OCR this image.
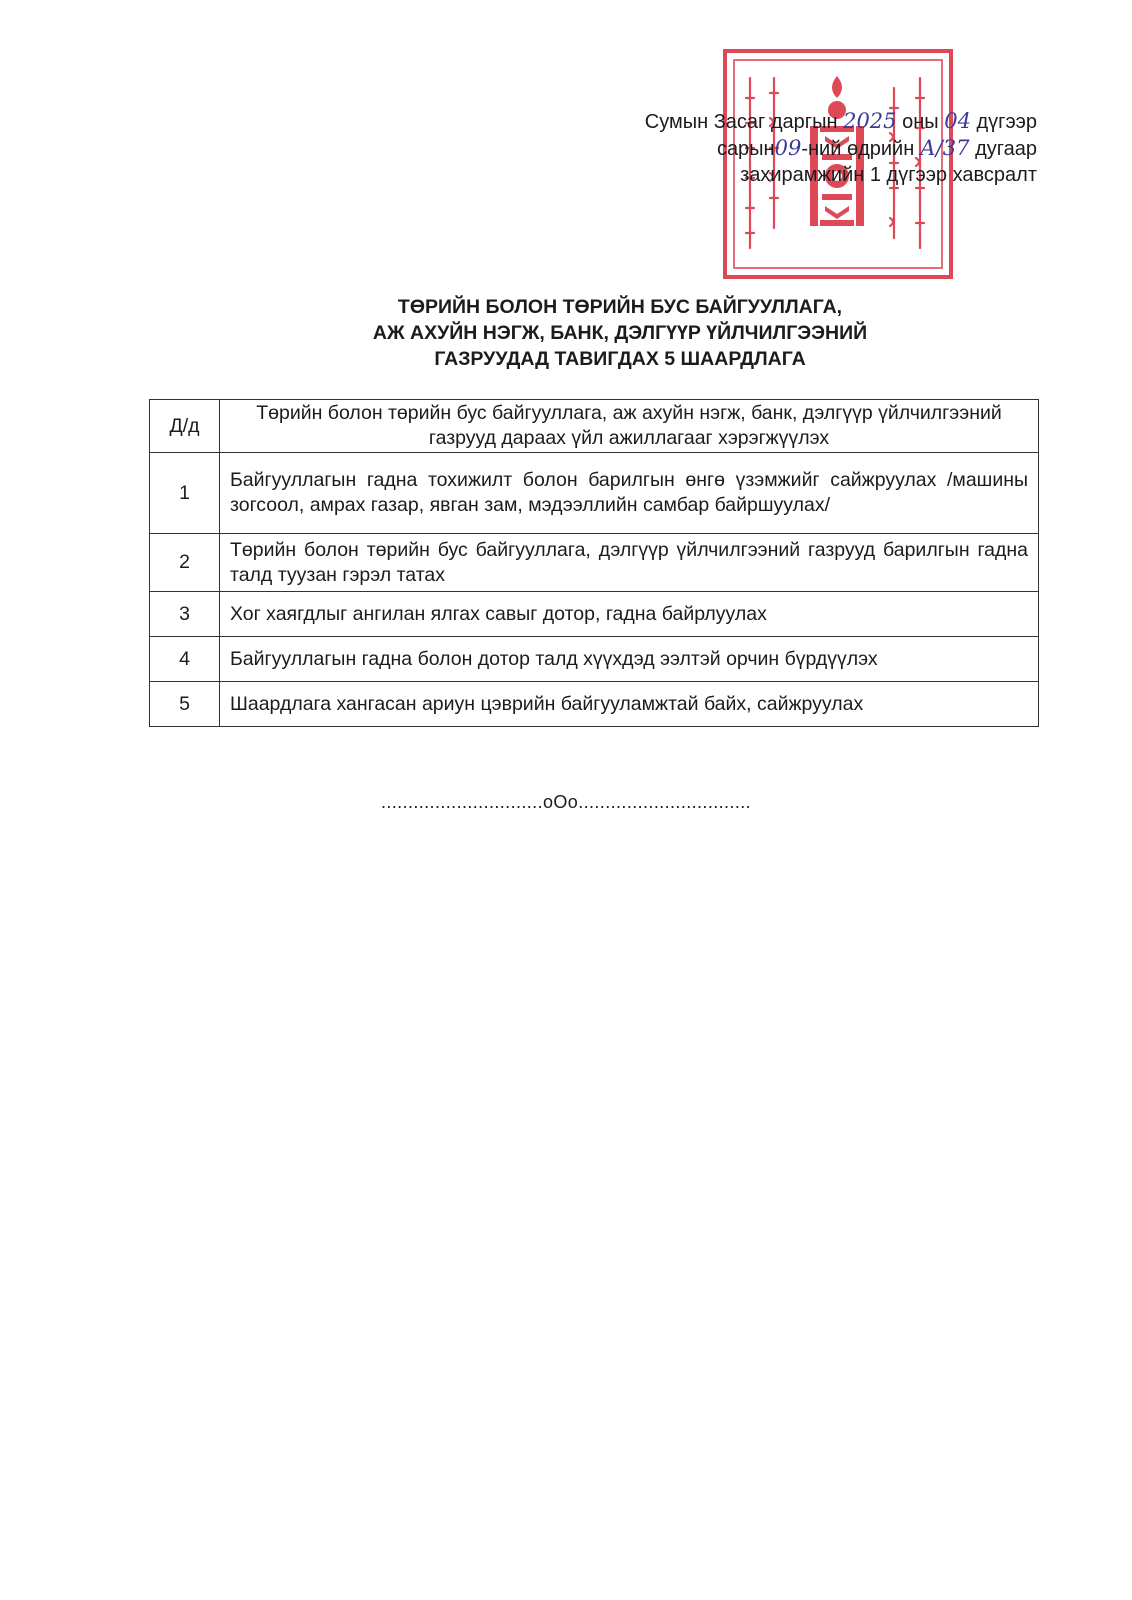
Сумын Засаг даргын 2025 оны 04 дүгээр
сарын09-ний өдрийн А/37 дугаар
захирамжийн 1 дүгээр хавсралт
ТӨРИЙН БОЛОН ТӨРИЙН БУС БАЙГУУЛЛАГА,
АЖ АХУЙН НЭГЖ, БАНК, ДЭЛГҮҮР ҮЙЛЧИЛГЭЭНИЙ
ГАЗРУУДАД ТАВИГДАХ 5 ШААРДЛАГА
Д/д	Төрийн болон төрийн бус байгууллага, аж ахуйн нэгж, банк, дэлгүүр үйлчилгээний газрууд дараах үйл ажиллагааг хэрэгжүүлэх
1	Байгууллагын гадна тохижилт болон барилгын өнгө үзэмжийг сайжруулах /машины зогсоол, амрах газар, явган зам, мэдээллийн самбар байршуулах/
2	Төрийн болон төрийн бус байгууллага, дэлгүүр үйлчилгээний газрууд барилгын гадна талд туузан гэрэл татах
3	Хог хаягдлыг ангилан ялгах савыг дотор, гадна байрлуулах
4	Байгууллагын гадна болон дотор талд хүүхдэд ээлтэй орчин бүрдүүлэх
5	Шаардлага хангасан ариун цэврийн байгууламжтай байх, сайжруулах
..............................oOo................................
